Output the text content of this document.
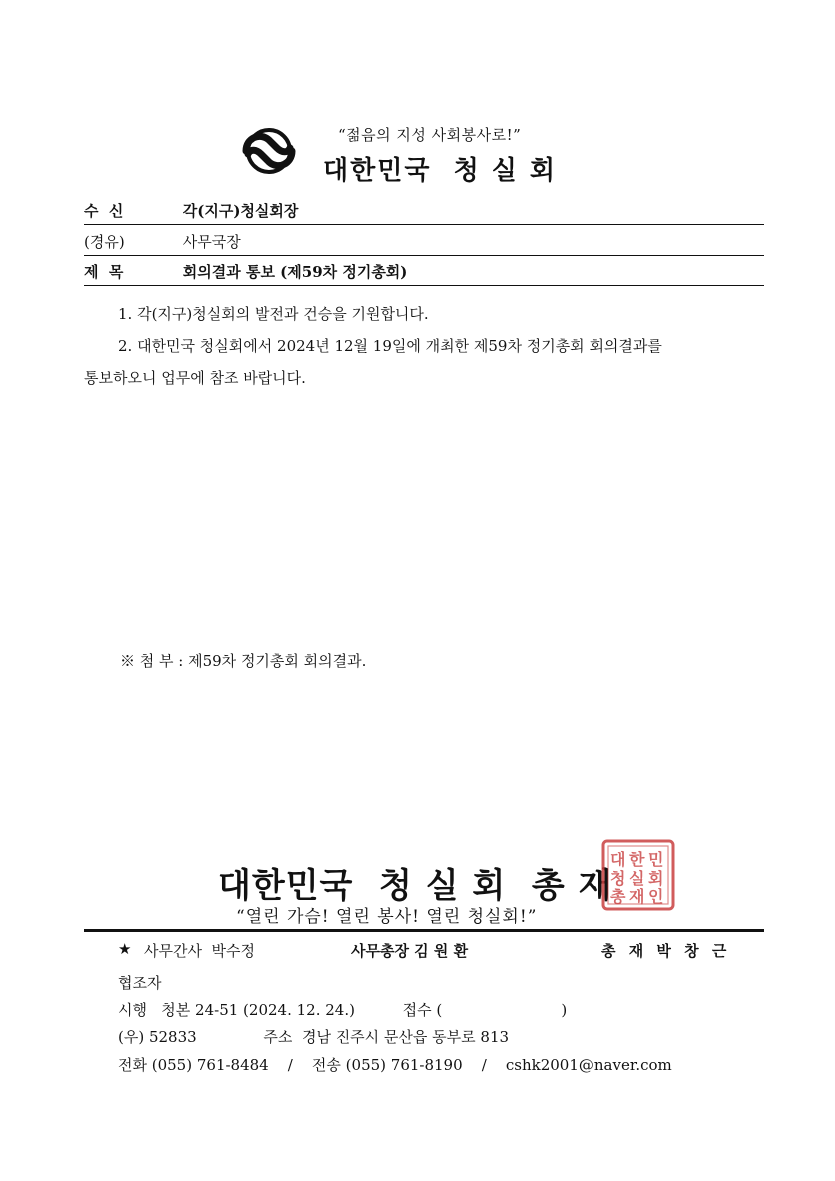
“젊음의 지성 사회봉사로!”
대한민국  청 실 회
수  신	각(지구)청실회장
(경유)	사무국장
제  목	회의결과 통보 (제59차 정기총회)
1. 각(지구)청실회의 발전과 건승을 기원합니다.
2. 대한민국 청실회에서 2024년 12월 19일에 개최한 제59차 정기총회 회의결과를
통보하오니 업무에 참조 바랍니다.
※ 첨 부 : 제59차 정기총회 회의결과.
대한민국  청 실 회  총 재
대 한 민
청 실 회
총 재 인
“열린 가슴! 열린 봉사! 열린 청실회!”
★ 사무간사  박수정	사무총장 김 원 환	총 재 박 창 근
협조자
시행   청본 24-51 (2024. 12. 24.)          접수 (                         )
(우) 52833              주소  경남 진주시 문산읍 동부로 813
전화 (055) 761-8484    /    전송 (055) 761-8190    /    cshk2001@naver.com
